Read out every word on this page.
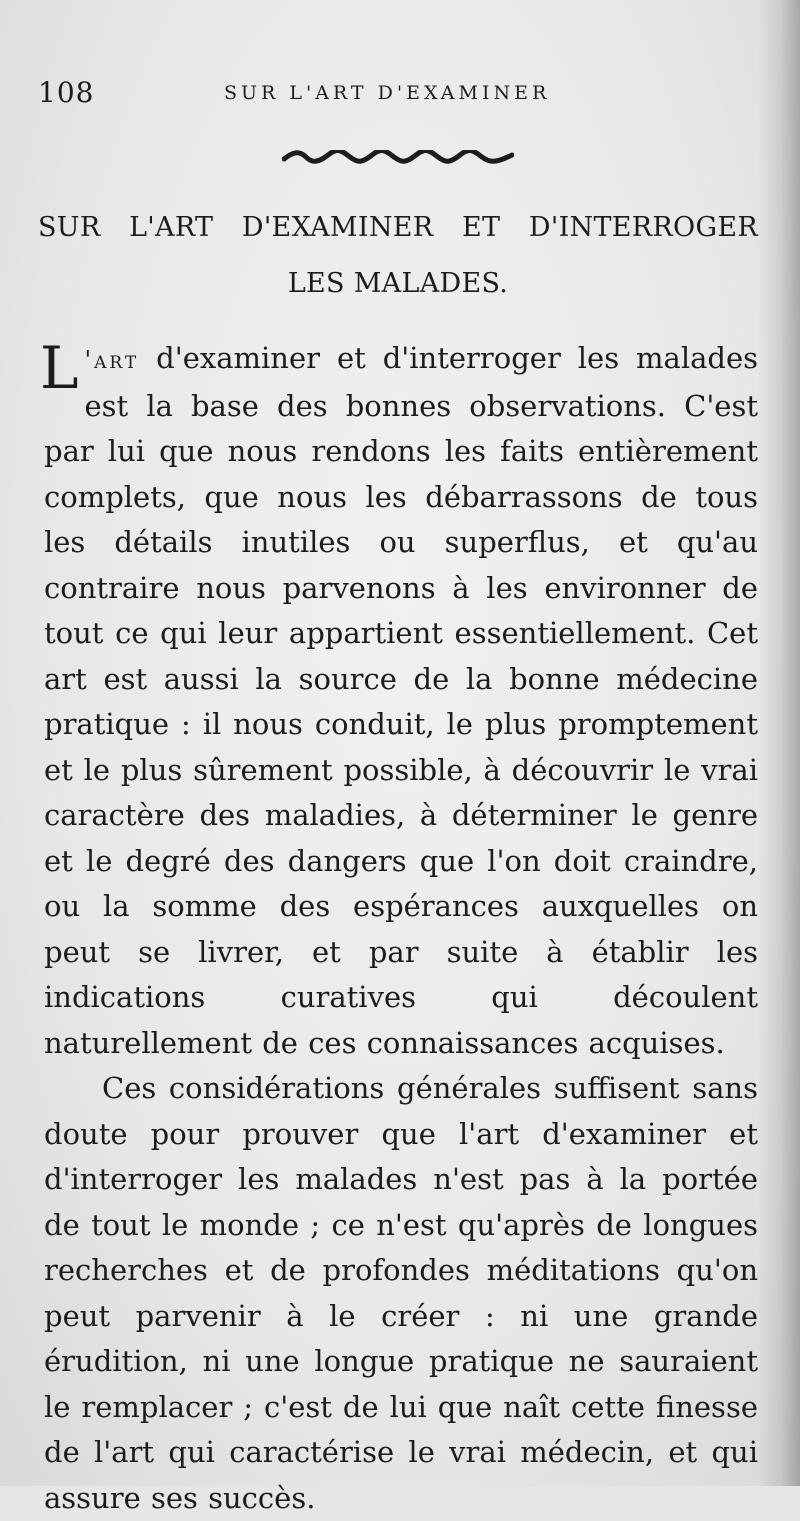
108	SUR L'ART D'EXAMINER
SUR L'ART D'EXAMINER ET D'INTERROGER
LES MALADES.

L 'art d'examiner et d'interroger les malades est la base des bonnes observations. C'est par lui que nous rendons les faits entièrement complets, que nous les débarrassons de tous les détails inutiles ou superflus, et qu'au contraire nous parvenons à les environner de tout ce qui leur appartient essentiellement. Cet art est aussi la source de la bonne médecine pratique : il nous conduit, le plus promptement et le plus sûrement possible, à découvrir le vrai caractère des maladies, à déterminer le genre et le degré des dangers que l'on doit craindre, ou la somme des espérances auxquelles on peut se livrer, et par suite à établir les indications curatives qui découlent naturellement de ces connaissances acquises.

Ces considérations générales suffisent sans doute pour prouver que l'art d'examiner et d'interroger les malades n'est pas à la portée de tout le monde ; ce n'est qu'après de longues recherches et de profondes méditations qu'on peut parvenir à le créer : ni une grande érudition, ni une longue pratique ne sauraient le remplacer ; c'est de lui que naît cette finesse de l'art qui caractérise le vrai médecin, et qui assure ses succès.
